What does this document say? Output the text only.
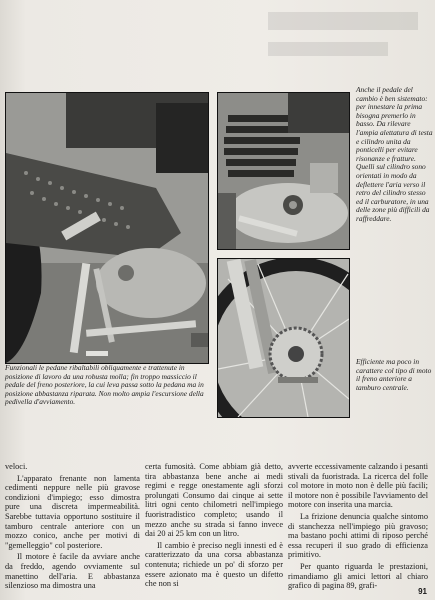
Funzionali le pedane ribaltabili obliquamente e trattenute in posizione di lavoro da una robusta molla; fin troppo massiccio il pedale del freno posteriore, la cui leva passa sotto la pedana ma in posizione abbastanza riparata. Non molto ampia l'escursione della pedivella d'avviamento.
Anche il pedale del cambio è ben sistemato: per innestare la prima bisogna premerlo in basso. Da rilevare l'ampia alettatura di testa e cilindro unita da ponticelli per evitare risonanze e fratture. Quelli sul cilindro sono orientati in modo da deflettere l'aria verso il retro del cilindro stesso ed il carburatore, in una delle zone più difficili da raffreddare.
Efficiente ma poco in carattere col tipo di moto il freno anteriore a tamburo centrale.

veloci.

L'apparato frenante non lamenta cedimenti neppure nelle più gravose condizioni d'impiego; esso dimostra pure una discreta impermeabilità. Sarebbe tuttavia opportuno sostituire il tamburo centrale anteriore con un mozzo conico, anche per motivi di "gemelleggio" col posteriore.

Il motore è facile da avviare anche da freddo, agendo ovviamente sul manettino dell'aria. E abbastanza silenzioso ma dimostra una

certa fumosità. Come abbiam già detto, tira abbastanza bene anche ai medi regimi e regge onestamente agli sforzi prolungati Consumo dai cinque ai sette litri ogni cento chilometri nell'impiego fuoristradistico completo; usando il mezzo anche su strada si fanno invece dai 20 ai 25 km con un litro.

Il cambio è preciso negli innesti ed è caratterizzato da una corsa abbastanza contenuta; richiede un po' di sforzo per essere azionato ma è questo un difetto che non si

avverte eccessivamente calzando i pesanti stivali da fuoristrada. La ricerca del folle col motore in moto non è delle più facili; il motore non è possibile l'avviamento del motore con inserita una marcia.

La frizione denuncia qualche sintomo di stanchezza nell'impiego più gravoso; ma bastano pochi attimi di riposo perché essa recuperi il suo grado di efficienza primitivo.

Per quanto riguarda le prestazioni, rimandiamo gli amici lettori al chiaro grafico di pagina 89, grafi-

91
